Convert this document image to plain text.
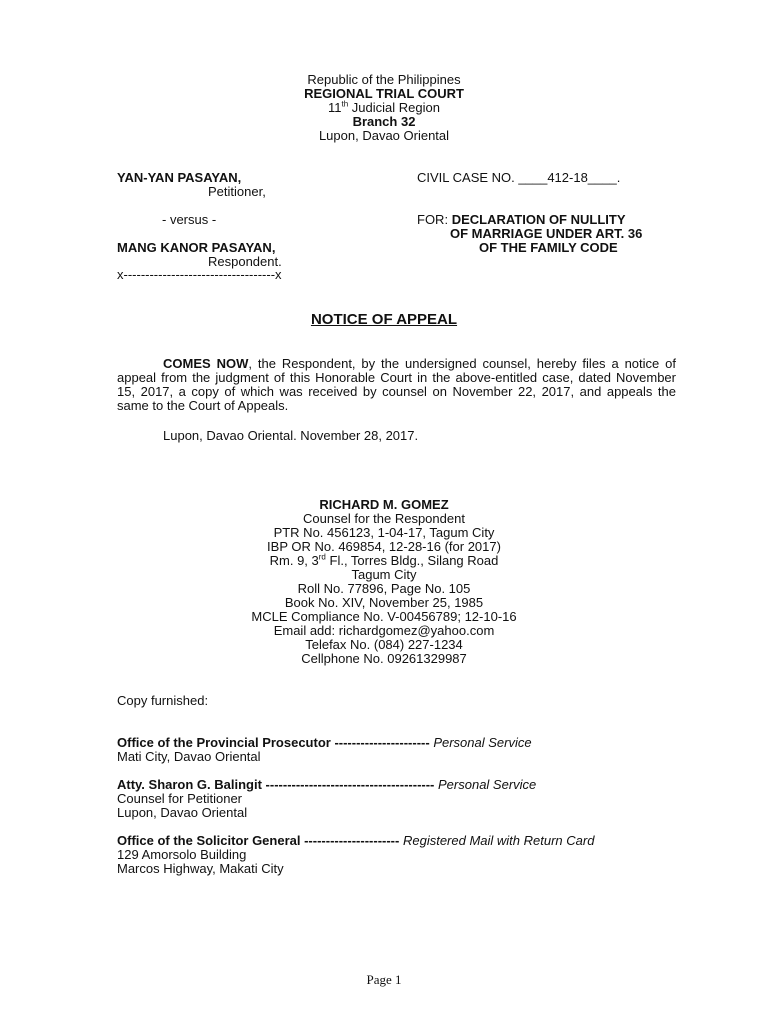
Republic of the Philippines
REGIONAL TRIAL COURT
11th Judicial Region
Branch 32
Lupon, Davao Oriental
YAN-YAN PASAYAN,
Petitioner,
- versus -
MANG KANOR PASAYAN,
Respondent.
x-----------------------------------x
CIVIL CASE NO. ____412-18____.
FOR: DECLARATION OF NULLITY
OF MARRIAGE UNDER ART. 36
OF THE FAMILY CODE
NOTICE OF APPEAL
COMES NOW, the Respondent, by the undersigned counsel, hereby files a notice of appeal from the judgment of this Honorable Court in the above-entitled case, dated November 15, 2017, a copy of which was received by counsel on November 22, 2017, and appeals the same to the Court of Appeals.
Lupon, Davao Oriental. November 28, 2017.
RICHARD M. GOMEZ
Counsel for the Respondent
PTR No. 456123, 1-04-17, Tagum City
IBP OR No. 469854, 12-28-16 (for 2017)
Rm. 9, 3rd Fl., Torres Bldg., Silang Road
Tagum City
Roll No. 77896, Page No. 105
Book No. XIV, November 25, 1985
MCLE Compliance No. V-00456789; 12-10-16
Email add: richardgomez@yahoo.com
Telefax No. (084) 227-1234
Cellphone No. 09261329987
Copy furnished:
Office of the Provincial Prosecutor ---------------------- Personal Service
Mati City, Davao Oriental
Atty. Sharon G. Balingit --------------------------------------- Personal Service
Counsel for Petitioner
Lupon, Davao Oriental
Office of the Solicitor General ---------------------- Registered Mail with Return Card
129 Amorsolo Building
Marcos Highway, Makati City
Page 1
